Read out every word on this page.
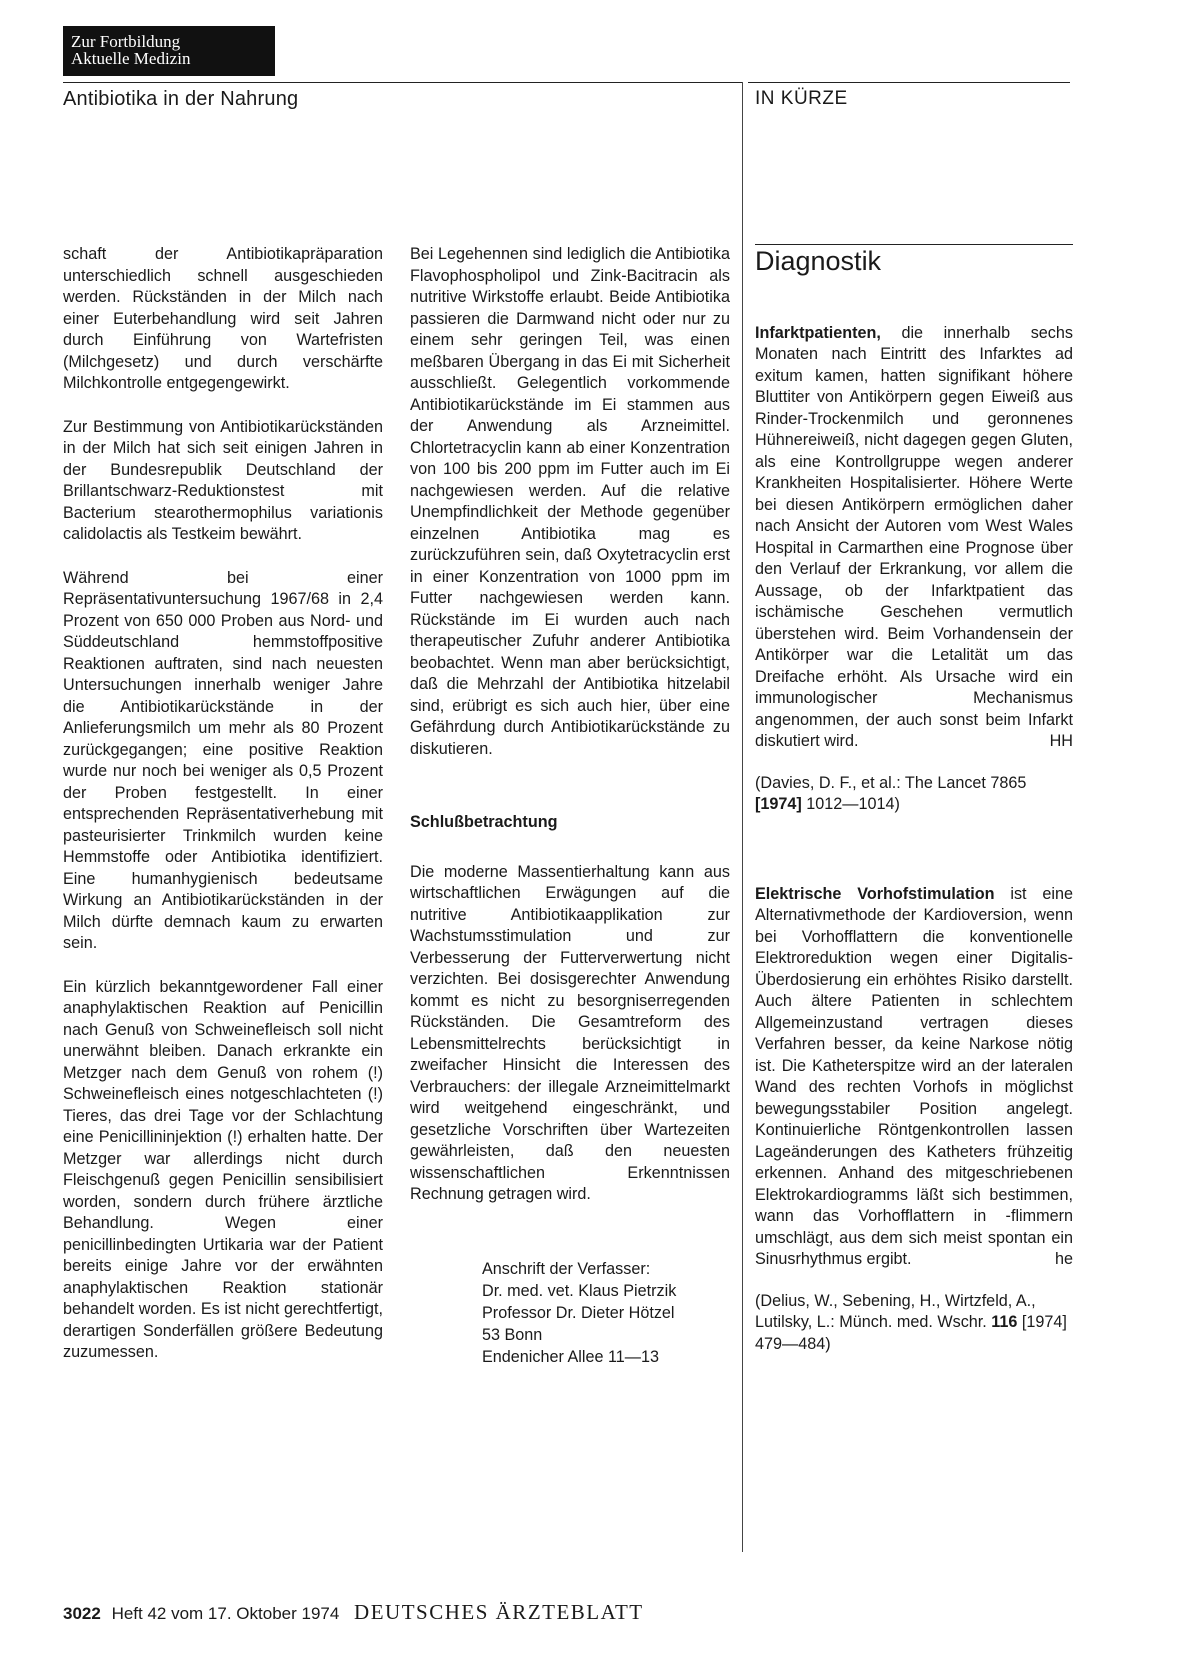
Zur Fortbildung
Aktuelle Medizin
Antibiotika in der Nahrung	IN KÜRZE

schaft der Antibiotikapräparation unterschiedlich schnell ausgeschieden werden. Rückständen in der Milch nach einer Euterbehandlung wird seit Jahren durch Einführung von Wartefristen (Milchgesetz) und durch verschärfte Milchkontrolle entgegengewirkt.

Zur Bestimmung von Antibiotikarückständen in der Milch hat sich seit einigen Jahren in der Bundesrepublik Deutschland der Brillantschwarz-Reduktionstest mit Bacterium stearothermophilus variationis calidolactis als Testkeim bewährt.

Während bei einer Repräsentativuntersuchung 1967/68 in 2,4 Prozent von 650 000 Proben aus Nord- und Süddeutschland hemmstoffpositive Reaktionen auftraten, sind nach neuesten Untersuchungen innerhalb weniger Jahre die Antibiotikarückstände in der Anlieferungsmilch um mehr als 80 Prozent zurückgegangen; eine positive Reaktion wurde nur noch bei weniger als 0,5 Prozent der Proben festgestellt. In einer entsprechenden Repräsentativerhebung mit pasteurisierter Trinkmilch wurden keine Hemmstoffe oder Antibiotika identifiziert. Eine humanhygienisch bedeutsame Wirkung an Antibiotikarückständen in der Milch dürfte demnach kaum zu erwarten sein.

Ein kürzlich bekanntgewordener Fall einer anaphylaktischen Reaktion auf Penicillin nach Genuß von Schweinefleisch soll nicht unerwähnt bleiben. Danach erkrankte ein Metzger nach dem Genuß von rohem (!) Schweinefleisch eines notgeschlachteten (!) Tieres, das drei Tage vor der Schlachtung eine Penicillininjektion (!) erhalten hatte. Der Metzger war allerdings nicht durch Fleischgenuß gegen Penicillin sensibilisiert worden, sondern durch frühere ärztliche Behandlung. Wegen einer penicillinbedingten Urtikaria war der Patient bereits einige Jahre vor der erwähnten anaphylaktischen Reaktion stationär behandelt worden. Es ist nicht gerechtfertigt, derartigen Sonderfällen größere Bedeutung zuzumessen.

Bei Legehennen sind lediglich die Antibiotika Flavophospholipol und Zink-Bacitracin als nutritive Wirkstoffe erlaubt. Beide Antibiotika passieren die Darmwand nicht oder nur zu einem sehr geringen Teil, was einen meßbaren Übergang in das Ei mit Sicherheit ausschließt. Gelegentlich vorkommende Antibiotikarückstände im Ei stammen aus der Anwendung als Arzneimittel. Chlortetracyclin kann ab einer Konzentration von 100 bis 200 ppm im Futter auch im Ei nachgewiesen werden. Auf die relative Unempfindlichkeit der Methode gegenüber einzelnen Antibiotika mag es zurückzuführen sein, daß Oxytetracyclin erst in einer Konzentration von 1000 ppm im Futter nachgewiesen werden kann. Rückstände im Ei wurden auch nach therapeutischer Zufuhr anderer Antibiotika beobachtet. Wenn man aber berücksichtigt, daß die Mehrzahl der Antibiotika hitzelabil sind, erübrigt es sich auch hier, über eine Gefährdung durch Antibiotikarückstände zu diskutieren.

Schlußbetrachtung

Die moderne Massentierhaltung kann aus wirtschaftlichen Erwägungen auf die nutritive Antibiotikaapplikation zur Wachstumsstimulation und zur Verbesserung der Futterverwertung nicht verzichten. Bei dosisgerechter Anwendung kommt es nicht zu besorgniserregenden Rückständen. Die Gesamtreform des Lebensmittelrechts berücksichtigt in zweifacher Hinsicht die Interessen des Verbrauchers: der illegale Arzneimittelmarkt wird weitgehend eingeschränkt, und gesetzliche Vorschriften über Wartezeiten gewährleisten, daß den neuesten wissenschaftlichen Erkenntnissen Rechnung getragen wird.

Anschrift der Verfasser:
Dr. med. vet. Klaus Pietrzik
Professor Dr. Dieter Hötzel
53 Bonn
Endenicher Allee 11—13
Diagnostik

Infarktpatienten, die innerhalb sechs Monaten nach Eintritt des Infarktes ad exitum kamen, hatten signifikant höhere Bluttiter von Antikörpern gegen Eiweiß aus Rinder-Trockenmilch und geronnenes Hühnereiweiß, nicht dagegen gegen Gluten, als eine Kontrollgruppe wegen anderer Krankheiten Hospitalisierter. Höhere Werte bei diesen Antikörpern ermöglichen daher nach Ansicht der Autoren vom West Wales Hospital in Carmarthen eine Prognose über den Verlauf der Erkrankung, vor allem die Aussage, ob der Infarktpatient das ischämische Geschehen vermutlich überstehen wird. Beim Vorhandensein der Antikörper war die Letalität um das Dreifache erhöht. Als Ursache wird ein immunologischer Mechanismus angenommen, der auch sonst beim Infarkt diskutiert wird.	HH

(Davies, D. F., et al.: The Lancet 7865 [1974] 1012—1014)

Elektrische Vorhofstimulation ist eine Alternativmethode der Kardioversion, wenn bei Vorhofflattern die konventionelle Elektroreduktion wegen einer Digitalis-Überdosierung ein erhöhtes Risiko darstellt. Auch ältere Patienten in schlechtem Allgemeinzustand vertragen dieses Verfahren besser, da keine Narkose nötig ist. Die Katheterspitze wird an der lateralen Wand des rechten Vorhofs in möglichst bewegungsstabiler Position angelegt. Kontinuierliche Röntgenkontrollen lassen Lageänderungen des Katheters frühzeitig erkennen. Anhand des mitgeschriebenen Elektrokardiogramms läßt sich bestimmen, wann das Vorhofflattern in -flimmern umschlägt, aus dem sich meist spontan ein Sinusrhythmus ergibt.	he

(Delius, W., Sebening, H., Wirtzfeld, A., Lutilsky, L.: Münch. med. Wschr. 116 [1974] 479—484)

3022 Heft 42 vom 17. Oktober 1974 DEUTSCHES ÄRZTEBLATT
